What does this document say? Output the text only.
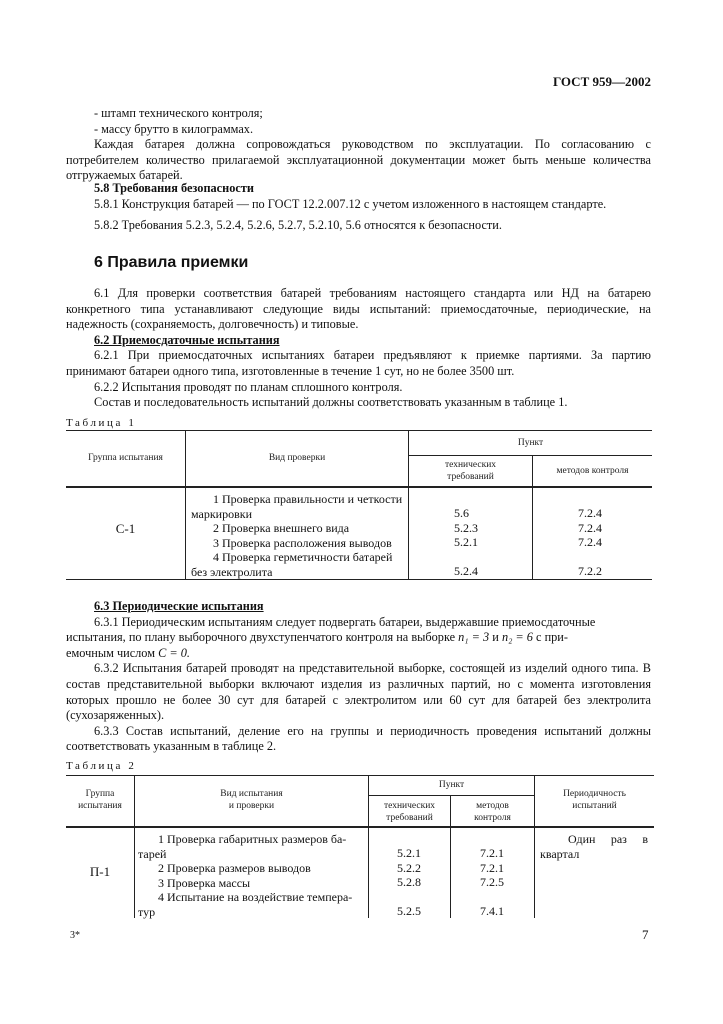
ГОСТ 959—2002

- штамп технического контроля;

- массу брутто в килограммах.

Каждая батарея должна сопровождаться руководством по эксплуатации. По согласованию с потребителем количество прилагаемой эксплуатационной документации может быть меньше количества отгружаемых батарей.

5.8 Требования безопасности

5.8.1 Конструкция батарей — по ГОСТ 12.2.007.12 с учетом изложенного в настоящем стандарте.

5.8.2 Требования 5.2.3, 5.2.4, 5.2.6, 5.2.7, 5.2.10, 5.6 относятся к безопасности.

6 Правила приемки

6.1 Для проверки соответствия батарей требованиям настоящего стандарта или НД на батарею конкретного типа устанавливают следующие виды испытаний: приемосдаточные, периодические, на надежность (сохраняемость, долговечность) и типовые.

6.2 Приемосдаточные испытания

6.2.1 При приемосдаточных испытаниях батареи предъявляют к приемке партиями. За партию принимают батареи одного типа, изготовленные в течение 1 сут, но не более 3500 шт.

6.2.2 Испытания проводят по планам сплошного контроля.

Состав и последовательность испытаний должны соответствовать указанным в таблице 1.

Таблица 1
Группа испытания	Вид проверки
Пункт
технических
требований
методов контроля
С-1
1 Проверка правильности и четкости
маркировки
2 Проверка внешнего вида
3 Проверка расположения выводов
4 Проверка герметичности батарей
без электролита
5.6
5.2.3
5.2.1
5.2.4
7.2.4
7.2.4
7.2.4
7.2.2

6.3 Периодические испытания

6.3.1 Периодическим испытаниям следует подвергать батареи, выдержавшие приемосдаточные

испытания, по плану выборочного двухступенчатого контроля на выборке n₁ = 3 и n₂ = 6 с при-

емочным числом C = 0.

6.3.2 Испытания батарей проводят на представительной выборке, состоящей из изделий одного типа. В состав представительной выборки включают изделия из различных партий, но с момента изготовления которых прошло не более 30 сут для батарей с электролитом или 60 сут для батарей без электролита (сухозаряженных).

6.3.3 Состав испытаний, деление его на группы и периодичность проведения испытаний должны соответствовать указанным в таблице 2.

Таблица 2
Группа
испытания
Вид испытания
и проверки
Пункт
технических
требований
методов
контроля
Периодичность
испытаний
П-1
1 Проверка габаритных размеров ба-
тарей
2 Проверка размеров выводов
3 Проверка массы
4 Испытание на воздействие темпера-
тур
5.2.1
5.2.2
5.2.8
5.2.5
7.2.1
7.2.1
7.2.5
7.4.1
Один раз в
квартал
3*	7
